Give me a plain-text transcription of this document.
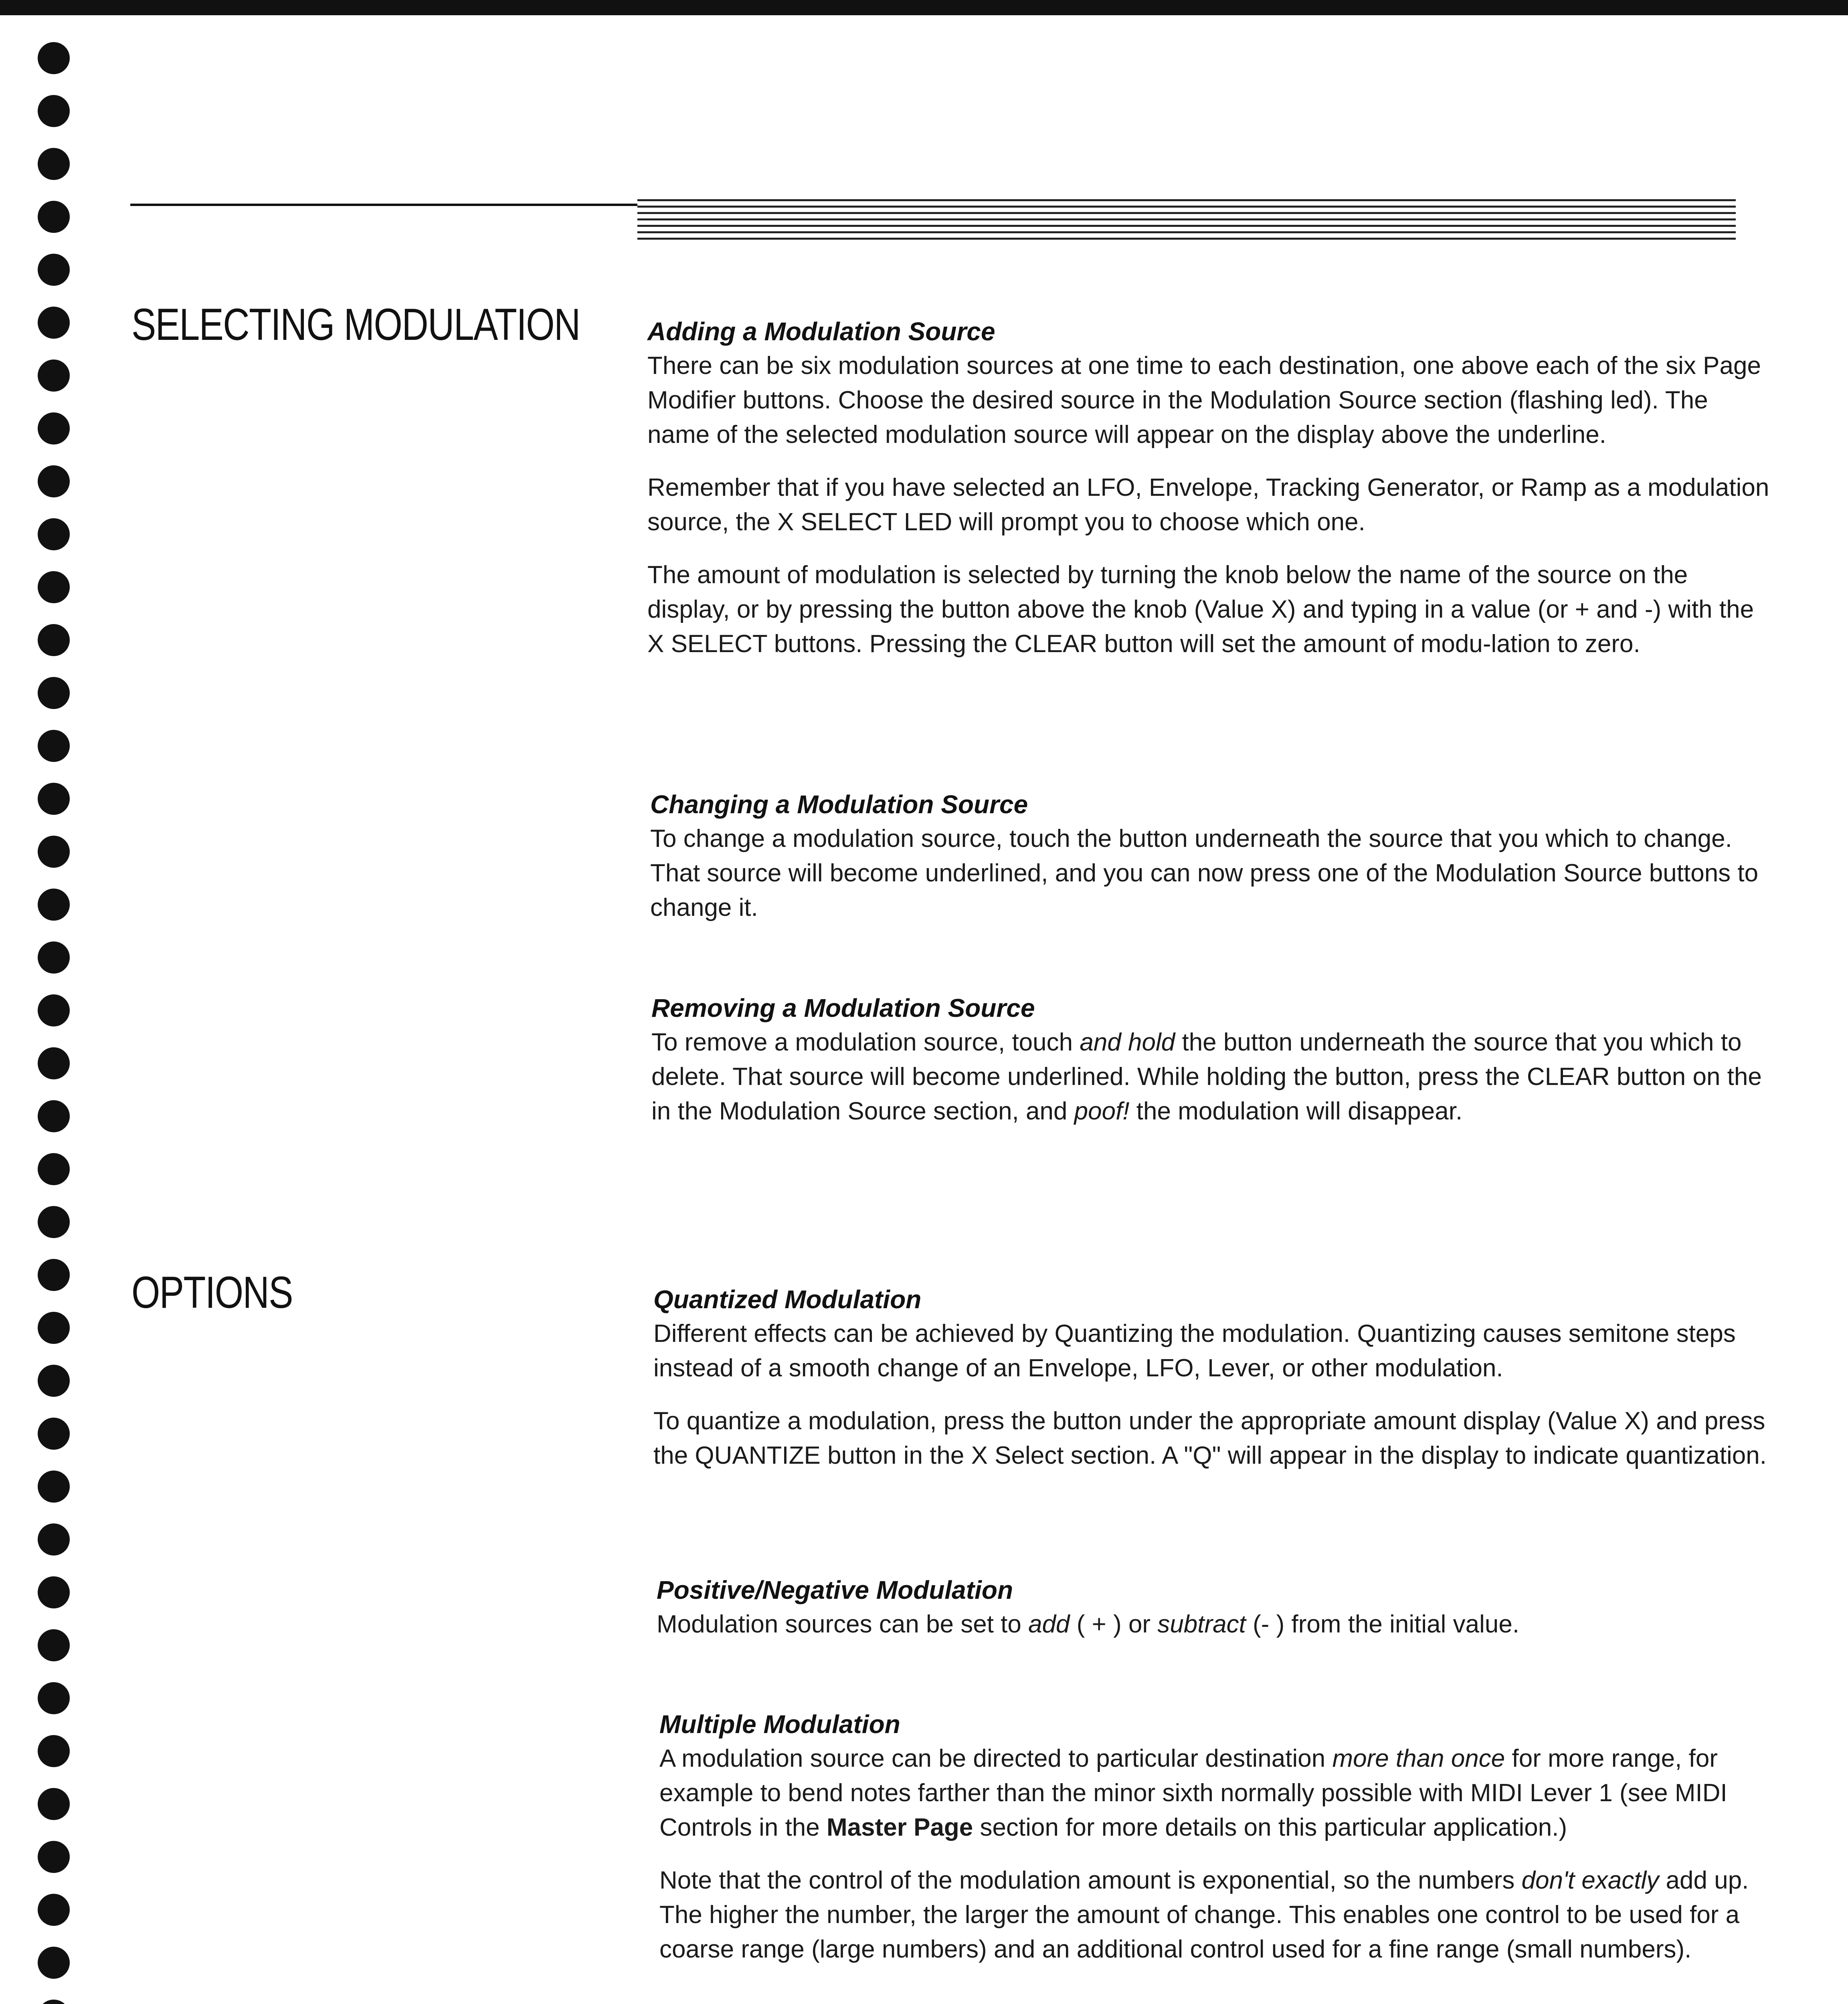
SELECTING MODULATION
OPTIONS
Adding a Modulation Source

There can be six modulation sources at one time to each destination, one above each of the six Page Modifier buttons. Choose the desired source in the Modulation Source section (flashing led). The name of the selected modulation source will appear on the display above the underline.

Remember that if you have selected an LFO, Envelope, Tracking Generator, or Ramp as a modulation source, the X SELECT LED will prompt you to choose which one.

The amount of modulation is selected by turning the knob below the name of the source on the display, or by pressing the button above the knob (Value X) and typing in a value (or + and -) with the X SELECT buttons. Pressing the CLEAR button will set the amount of modu-lation to zero.

Changing a Modulation Source

To change a modulation source, touch the button underneath the source that you which to change. That source will become underlined, and you can now press one of the Modulation Source buttons to change it.

Removing a Modulation Source

To remove a modulation source, touch and hold the button underneath the source that you which to delete. That source will become underlined. While holding the button, press the CLEAR button on the in the Modulation Source section, and poof! the modulation will disappear.

Quantized Modulation

Different effects can be achieved by Quantizing the modulation. Quantizing causes semitone steps instead of a smooth change of an Envelope, LFO, Lever, or other modulation.

To quantize a modulation, press the button under the appropriate amount display (Value X) and press the QUANTIZE button in the X Select section. A "Q" will appear in the display to indicate quantization.

Positive/Negative Modulation

Modulation sources can be set to add ( + ) or subtract (- ) from the initial value.

Multiple Modulation

A modulation source can be directed to particular destination more than once for more range, for example to bend notes farther than the minor sixth normally possible with MIDI Lever 1 (see MIDI Controls in the Master Page section for more details on this particular application.)

Note that the control of the modulation amount is exponential, so the numbers don't exactly add up. The higher the number, the larger the amount of change. This enables one control to be used for a coarse range (large numbers) and an additional control used for a fine range (small numbers).
